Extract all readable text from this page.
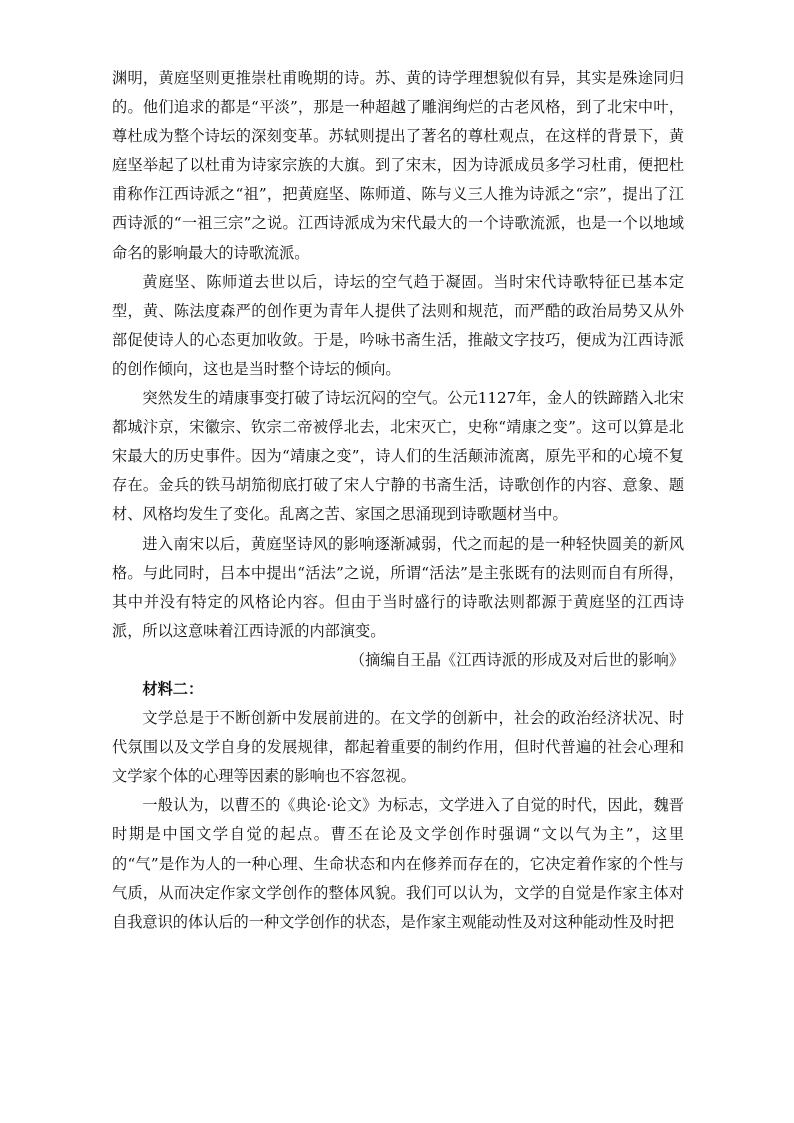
渊明，黄庭坚则更推崇杜甫晚期的诗。苏、黄的诗学理想貌似有异，其实是殊途同归的。他们追求的都是“平淡”，那是一种超越了雕润绚烂的古老风格，到了北宋中叶，尊杜成为整个诗坛的深刻变革。苏轼则提出了著名的尊杜观点，在这样的背景下，黄庭坚举起了以杜甫为诗家宗族的大旗。到了宋末，因为诗派成员多学习杜甫，便把杜甫称作江西诗派之“祖”，把黄庭坚、陈师道、陈与义三人推为诗派之“宗”，提出了江西诗派的“一祖三宗”之说。江西诗派成为宋代最大的一个诗歌流派，也是一个以地域命名的影响最大的诗歌流派。

黄庭坚、陈师道去世以后，诗坛的空气趋于凝固。当时宋代诗歌特征已基本定型，黄、陈法度森严的创作更为青年人提供了法则和规范，而严酷的政治局势又从外部促使诗人的心态更加收敛。于是，吟咏书斋生活，推敲文字技巧，便成为江西诗派的创作倾向，这也是当时整个诗坛的倾向。

突然发生的靖康事变打破了诗坛沉闷的空气。公元1127年，金人的铁蹄踏入北宋都城汴京，宋徽宗、钦宗二帝被俘北去，北宋灭亡，史称“靖康之变”。这可以算是北宋最大的历史事件。因为“靖康之变”，诗人们的生活颠沛流离，原先平和的心境不复存在。金兵的铁马胡笳彻底打破了宋人宁静的书斋生活，诗歌创作的内容、意象、题材、风格均发生了变化。乱离之苦、家国之思涌现到诗歌题材当中。

进入南宋以后，黄庭坚诗风的影响逐渐减弱，代之而起的是一种轻快圆美的新风格。与此同时，吕本中提出“活法”之说，所谓“活法”是主张既有的法则而自有所得，其中并没有特定的风格论内容。但由于当时盛行的诗歌法则都源于黄庭坚的江西诗派，所以这意味着江西诗派的内部演变。

（摘编自王晶《江西诗派的形成及对后世的影响》

材料二：

文学总是于不断创新中发展前进的。在文学的创新中，社会的政治经济状况、时代氛围以及文学自身的发展规律，都起着重要的制约作用，但时代普遍的社会心理和文学家个体的心理等因素的影响也不容忽视。

一般认为，以曹丕的《典论·论文》为标志，文学进入了自觉的时代，因此，魏晋时期是中国文学自觉的起点。曹丕在论及文学创作时强调“文以气为主”，这里的“气”是作为人的一种心理、生命状态和内在修养而存在的，它决定着作家的个性与气质，从而决定作家文学创作的整体风貌。我们可以认为，文学的自觉是作家主体对自我意识的体认后的一种文学创作的状态，是作家主观能动性及对这种能动性及时把
